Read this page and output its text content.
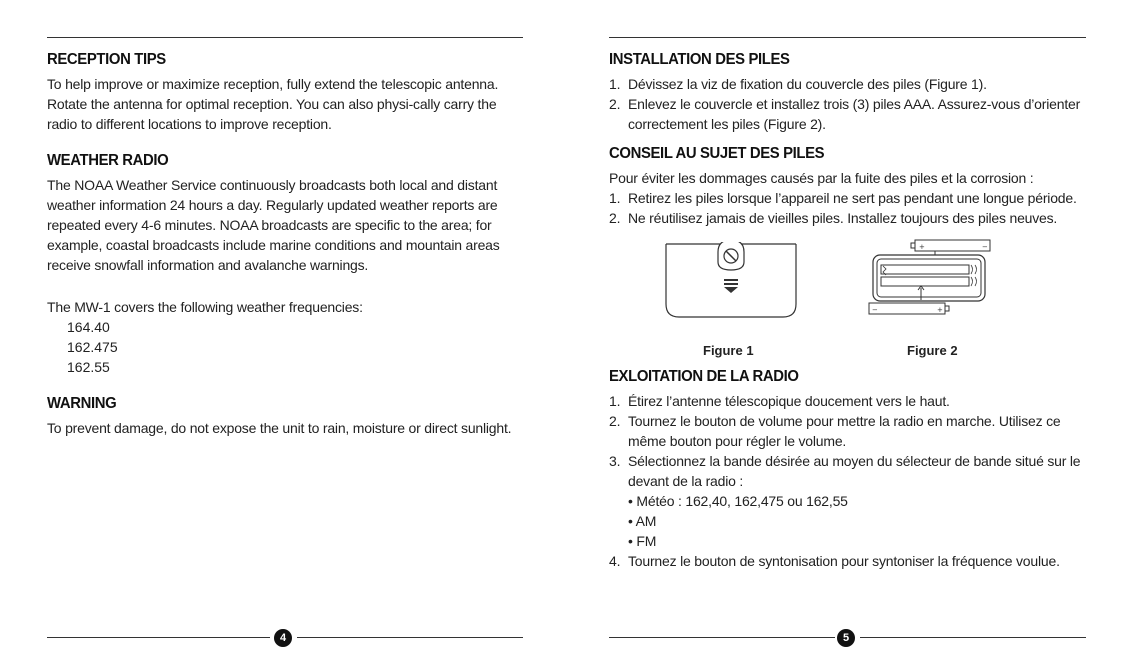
RECEPTION TIPS

To help improve or maximize reception, fully extend the telescopic antenna. Rotate the antenna for optimal reception. You can also physi-cally carry the radio to different locations to improve reception.

WEATHER RADIO

The NOAA Weather Service continuously broadcasts both local and distant weather information 24 hours a day. Regularly updated weather reports are repeated every 4-6 minutes. NOAA broadcasts are specific to the area; for example, coastal broadcasts include marine conditions and mountain areas receive snowfall information and avalanche warnings.

The MW-1 covers the following weather frequencies:

164.40
162.475
162.55
WARNING

To prevent damage, do not expose the unit to rain, moisture or direct sunlight.

4
INSTALLATION DES PILES
1. Dévissez la viz de fixation du couvercle des piles (Figure 1).
2. Enlevez le couvercle et installez trois (3) piles AAA. Assurez-vous d’orienter correctement les piles (Figure 2).
CONSEIL AU SUJET DES PILES

Pour éviter les dommages causés par la fuite des piles et la corrosion :

1. Retirez les piles lorsque l’appareil ne sert pas pendant une longue période.
2. Ne réutilisez jamais de vieilles piles. Installez toujours des piles neuves.
+	−
−	+
Figure 1	Figure 2
EXLOITATION DE LA RADIO
1. Étirez l’antenne télescopique doucement vers le haut.
2. Tournez le bouton de volume pour mettre la radio en marche. Utilisez ce même bouton pour régler le volume.
3. Sélectionnez la bande désirée au moyen du sélecteur de bande situé sur le devant de la radio :
• Météo : 162,40, 162,475 ou 162,55
• AM
• FM
4. Tournez le bouton de syntonisation pour syntoniser la fréquence voulue.
5
